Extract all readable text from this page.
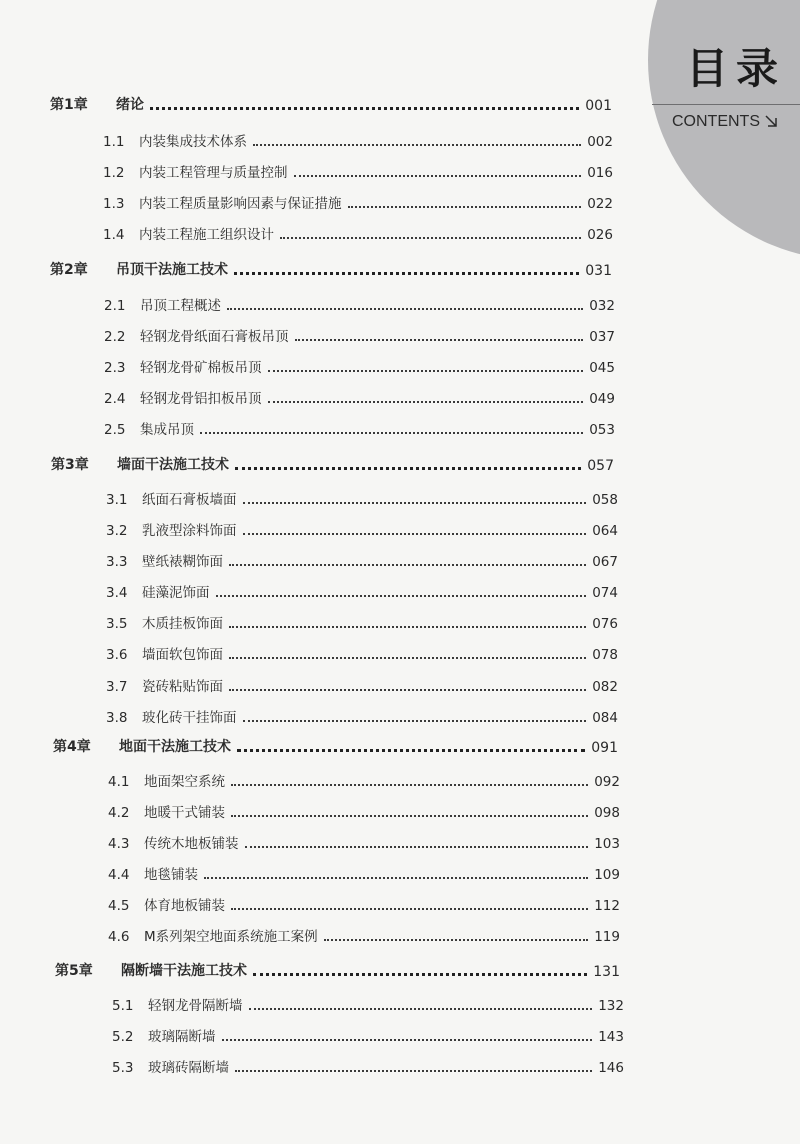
目录
CONTENTS
第1章	绪论	001
1.1	内装集成技术体系	002
1.2	内装工程管理与质量控制	016
1.3	内装工程质量影响因素与保证措施	022
1.4	内装工程施工组织设计	026
第2章	吊顶干法施工技术	031
2.1	吊顶工程概述	032
2.2	轻钢龙骨纸面石膏板吊顶	037
2.3	轻钢龙骨矿棉板吊顶	045
2.4	轻钢龙骨铝扣板吊顶	049
2.5	集成吊顶	053
第3章	墙面干法施工技术	057
3.1	纸面石膏板墙面	058
3.2	乳液型涂料饰面	064
3.3	壁纸裱糊饰面	067
3.4	硅藻泥饰面	074
3.5	木质挂板饰面	076
3.6	墙面软包饰面	078
3.7	瓷砖粘贴饰面	082
3.8	玻化砖干挂饰面	084
第4章	地面干法施工技术	091
4.1	地面架空系统	092
4.2	地暖干式铺装	098
4.3	传统木地板铺装	103
4.4	地毯铺装	109
4.5	体育地板铺装	112
4.6	M系列架空地面系统施工案例	119
第5章	隔断墙干法施工技术	131
5.1	轻钢龙骨隔断墙	132
5.2	玻璃隔断墙	143
5.3	玻璃砖隔断墙	146
